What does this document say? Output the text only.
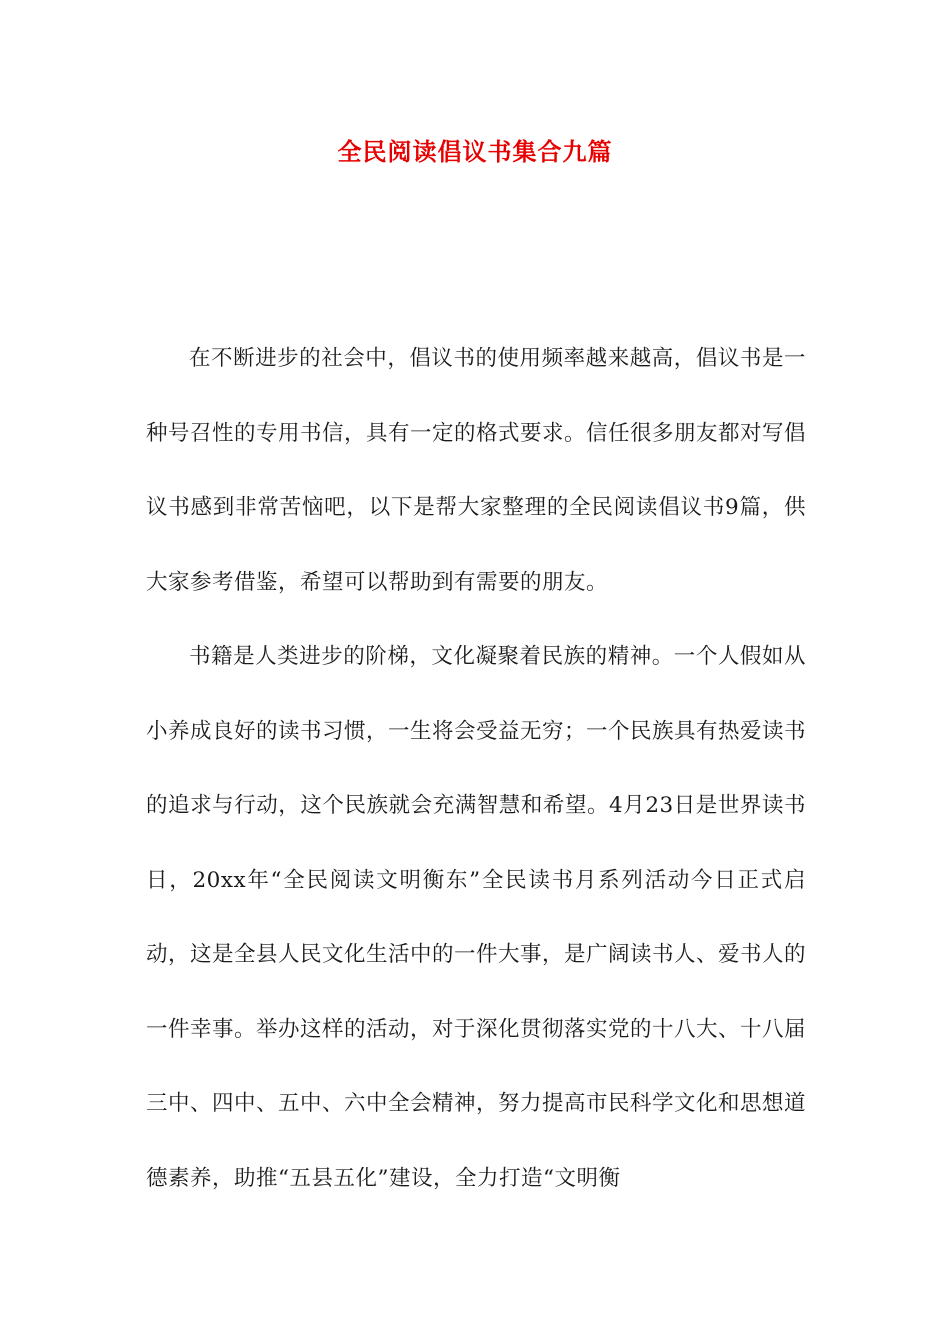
全民阅读倡议书集合九篇

在不断进步的社会中，倡议书的使用频率越来越高，倡议书是一种号召性的专用书信，具有一定的格式要求。信任很多朋友都对写倡议书感到非常苦恼吧，以下是帮大家整理的全民阅读倡议书9篇，供大家参考借鉴，希望可以帮助到有需要的朋友。

书籍是人类进步的阶梯，文化凝聚着民族的精神。一个人假如从小养成良好的读书习惯，一生将会受益无穷；一个民族具有热爱读书的追求与行动，这个民族就会充满智慧和希望。4月23日是世界读书日，20xx年“全民阅读文明衡东”全民读书月系列活动今日正式启动，这是全县人民文化生活中的一件大事，是广阔读书人、爱书人的一件幸事。举办这样的活动，对于深化贯彻落实党的十八大、十八届三中、四中、五中、六中全会精神，努力提高市民科学文化和思想道德素养，助推“五县五化”建设，全力打造“文明衡
